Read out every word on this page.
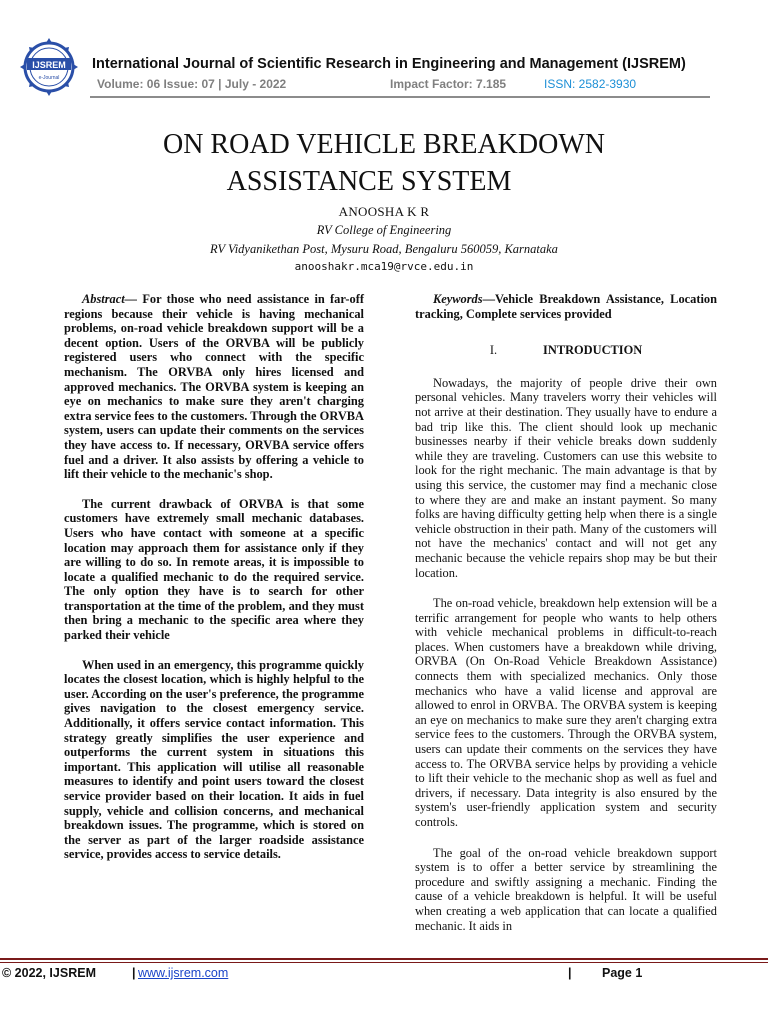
IJSREM
e-Journal
International Journal of Scientific Research in Engineering and Management (IJSREM)
Volume: 06 Issue: 07 | July - 2022	Impact Factor: 7.185	ISSN: 2582-3930
ON ROAD VEHICLE BREAKDOWN
ASSISTANCE SYSTEM
ANOOSHA K R
RV College of Engineering
RV Vidyanikethan Post, Mysuru Road, Bengaluru 560059, Karnataka
anooshakr.mca19@rvce.edu.in

Abstract— For those who need assistance in far-off regions because their vehicle is having mechanical problems, on-road vehicle breakdown support will be a decent option. Users of the ORVBA will be publicly registered users who connect with the specific mechanism. The ORVBA only hires licensed and approved mechanics. The ORVBA system is keeping an eye on mechanics to make sure they aren't charging extra service fees to the customers. Through the ORVBA system, users can update their comments on the services they have access to. If necessary, ORVBA service offers fuel and a driver. It also assists by offering a vehicle to lift their vehicle to the mechanic's shop.

The current drawback of ORVBA is that some customers have extremely small mechanic databases. Users who have contact with someone at a specific location may approach them for assistance only if they are willing to do so. In remote areas, it is impossible to locate a qualified mechanic to do the required service. The only option they have is to search for other transportation at the time of the problem, and they must then bring a mechanic to the specific area where they parked their vehicle

When used in an emergency, this programme quickly locates the closest location, which is highly helpful to the user. According on the user's preference, the programme gives navigation to the closest emergency service. Additionally, it offers service contact information. This strategy greatly simplifies the user experience and outperforms the current system in situations this important. This application will utilise all reasonable measures to identify and point users toward the closest service provider based on their location. It aids in fuel supply, vehicle and collision concerns, and mechanical breakdown issues. The programme, which is stored on the server as part of the larger roadside assistance service, provides access to service details.

Keywords—Vehicle Breakdown Assistance, Location tracking, Complete services provided

I.	INTRODUCTION

Nowadays, the majority of people drive their own personal vehicles. Many travelers worry their vehicles will not arrive at their destination. They usually have to endure a bad trip like this. The client should look up mechanic businesses nearby if their vehicle breaks down suddenly while they are traveling. Customers can use this website to look for the right mechanic. The main advantage is that by using this service, the customer may find a mechanic close to where they are and make an instant payment. So many folks are having difficulty getting help when there is a single vehicle obstruction in their path. Many of the customers will not have the mechanics' contact and will not get any mechanic because the vehicle repairs shop may be but their location.

The on-road vehicle, breakdown help extension will be a terrific arrangement for people who wants to help others with vehicle mechanical problems in difficult-to-reach places. When customers have a breakdown while driving, ORVBA (On On-Road Vehicle Breakdown Assistance) connects them with specialized mechanics. Only those mechanics who have a valid license and approval are allowed to enrol in ORVBA. The ORVBA system is keeping an eye on mechanics to make sure they aren't charging extra service fees to the customers. Through the ORVBA system, users can update their comments on the services they have access to. The ORVBA service helps by providing a vehicle to lift their vehicle to the mechanic shop as well as fuel and drivers, if necessary. Data integrity is also ensured by the system's user-friendly application system and security controls.

The goal of the on-road vehicle breakdown support system is to offer a better service by streamlining the procedure and swiftly assigning a mechanic. Finding the cause of a vehicle breakdown is helpful. It will be useful when creating a web application that can locate a qualified mechanic. It aids in

© 2022, IJSREM	| www.ijsrem.com	| Page 1
